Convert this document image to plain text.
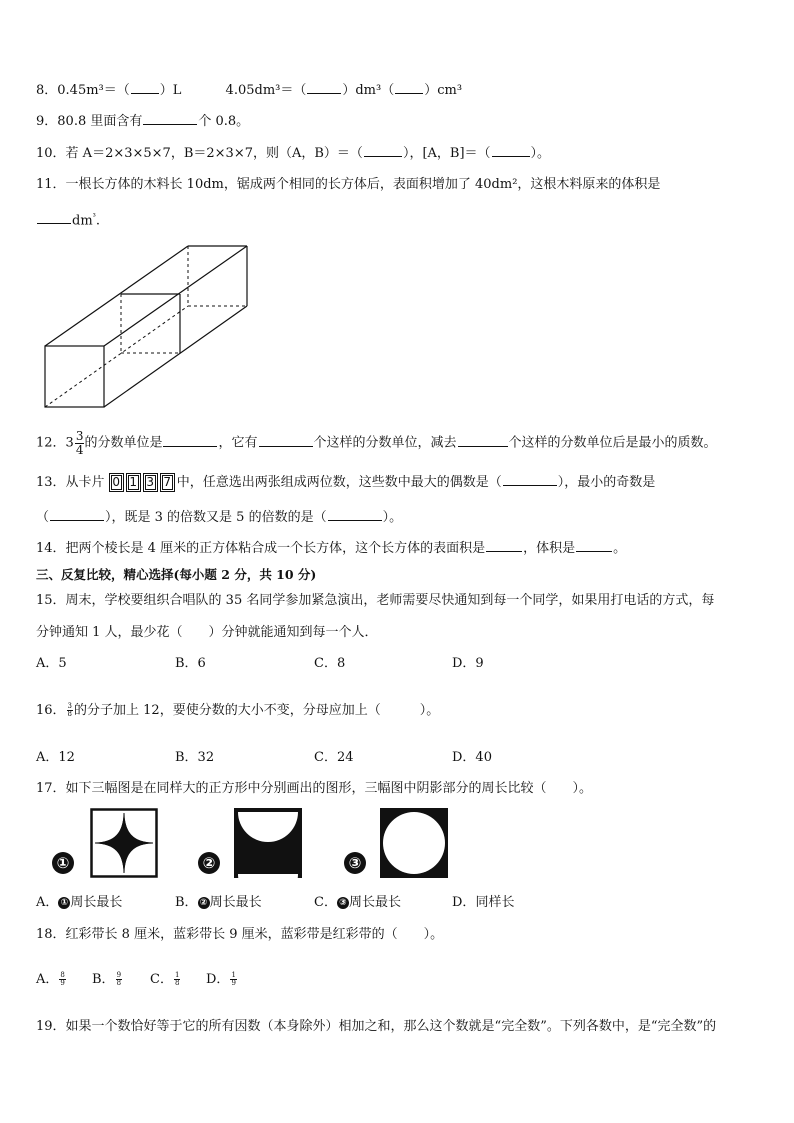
8．0.45m³＝（ ）L	4.05dm³＝（	）dm³（ ）cm³
9．80.8 里面含有	个 0.8。
10．若 A＝2×3×5×7，B＝2×3×7，则（A，B）＝（	），[A，B]＝（	）。
11．一根长方体的木料长 10dm，锯成两个相同的长方体后，表面积增加了 40dm²，这根木料原来的体积是
$dm^{^3}$.
12．$3 \frac{3}{4}$ 的分数单位是	，它有	个这样的分数单位，减去	个这样的分数单位后是最小的质数。
13．从卡片 0 1 3 7 中，任意选出两张组成两位数，这些数中最大的偶数是（	），最小的奇数是
（	），既是 3 的倍数又是 5 的倍数的是（	）。
14．把两个棱长是 4 厘米的正方体粘合成一个长方体，这个长方体的表面积是	，体积是	。
三、反复比较，精心选择(每小题 2 分，共 10 分)
15．周末，学校要组织合唱队的 35 名同学参加紧急演出，老师需要尽快通知到每一个同学，如果用打电话的方式，每
分钟通知 1 人，最少花（　　）分钟就能通知到每一个人．
A．5	B．6	C．8	D．9
16． $\frac{3}{8}$ 的分子加上 12，要使分数的大小不变，分母应加上（　　　）。
A．12	B．32	C．24	D．40
17．如下三幅图是在同样大的正方形中分别画出的图形，三幅图中阴影部分的周长比较（　　）。
①	②	③
A． ① 周长最长	B． ② 周长最长	C． ③ 周长最长	D．同样长
18．红彩带长 8 厘米，蓝彩带长 9 厘米，蓝彩带是红彩带的（　　）。
A． $\frac{8}{9}$ B． $\frac{9}{8}$ C． $\frac{1}{8}$ D． $\frac{1}{9}$
19．如果一个数恰好等于它的所有因数（本身除外）相加之和，那么这个数就是“完全数”。下列各数中，是“完全数”的
